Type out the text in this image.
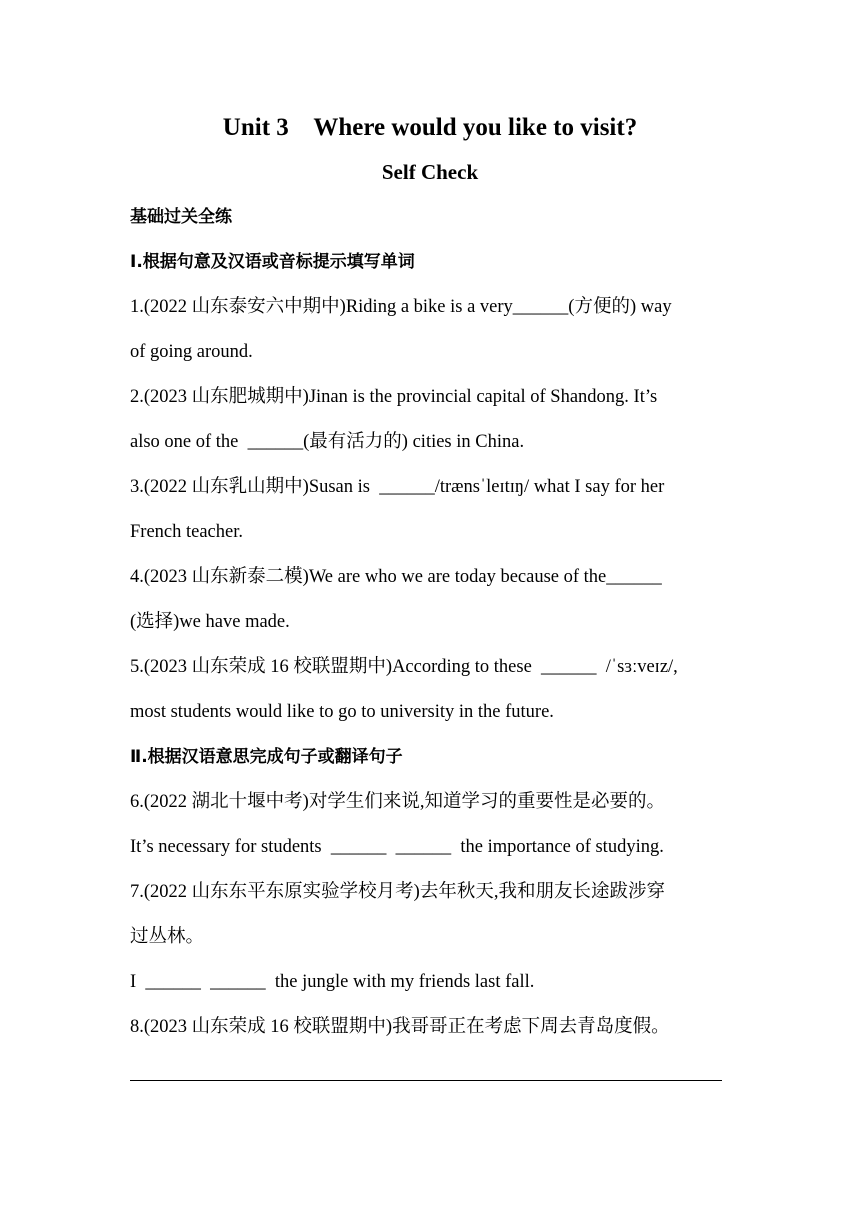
Unit 3    Where would you like to visit?
Self Check
基础过关全练
Ⅰ.根据句意及汉语或音标提示填写单词
1.(2022 山东泰安六中期中)Riding a bike is a very______(方便的) way
of going around.
2.(2023 山东肥城期中)Jinan is the provincial capital of Shandong. It’s
also one of the  ______(最有活力的) cities in China.
3.(2022 山东乳山期中)Susan is  ______/trænsˈleɪtɪŋ/ what I say for her
French teacher.
4.(2023 山东新泰二模)We are who we are today because of the______
(选择)we have made.
5.(2023 山东荣成 16 校联盟期中)According to these  ______  /ˈsɜːveɪz/,
most students would like to go to university in the future.
Ⅱ.根据汉语意思完成句子或翻译句子
6.(2022 湖北十堰中考)对学生们来说,知道学习的重要性是必要的。
It’s necessary for students  ______  ______  the importance of studying.
7.(2022 山东东平东原实验学校月考)去年秋天,我和朋友长途跋涉穿
过丛林。
I  ______  ______  the jungle with my friends last fall.
8.(2023 山东荣成 16 校联盟期中)我哥哥正在考虑下周去青岛度假。
